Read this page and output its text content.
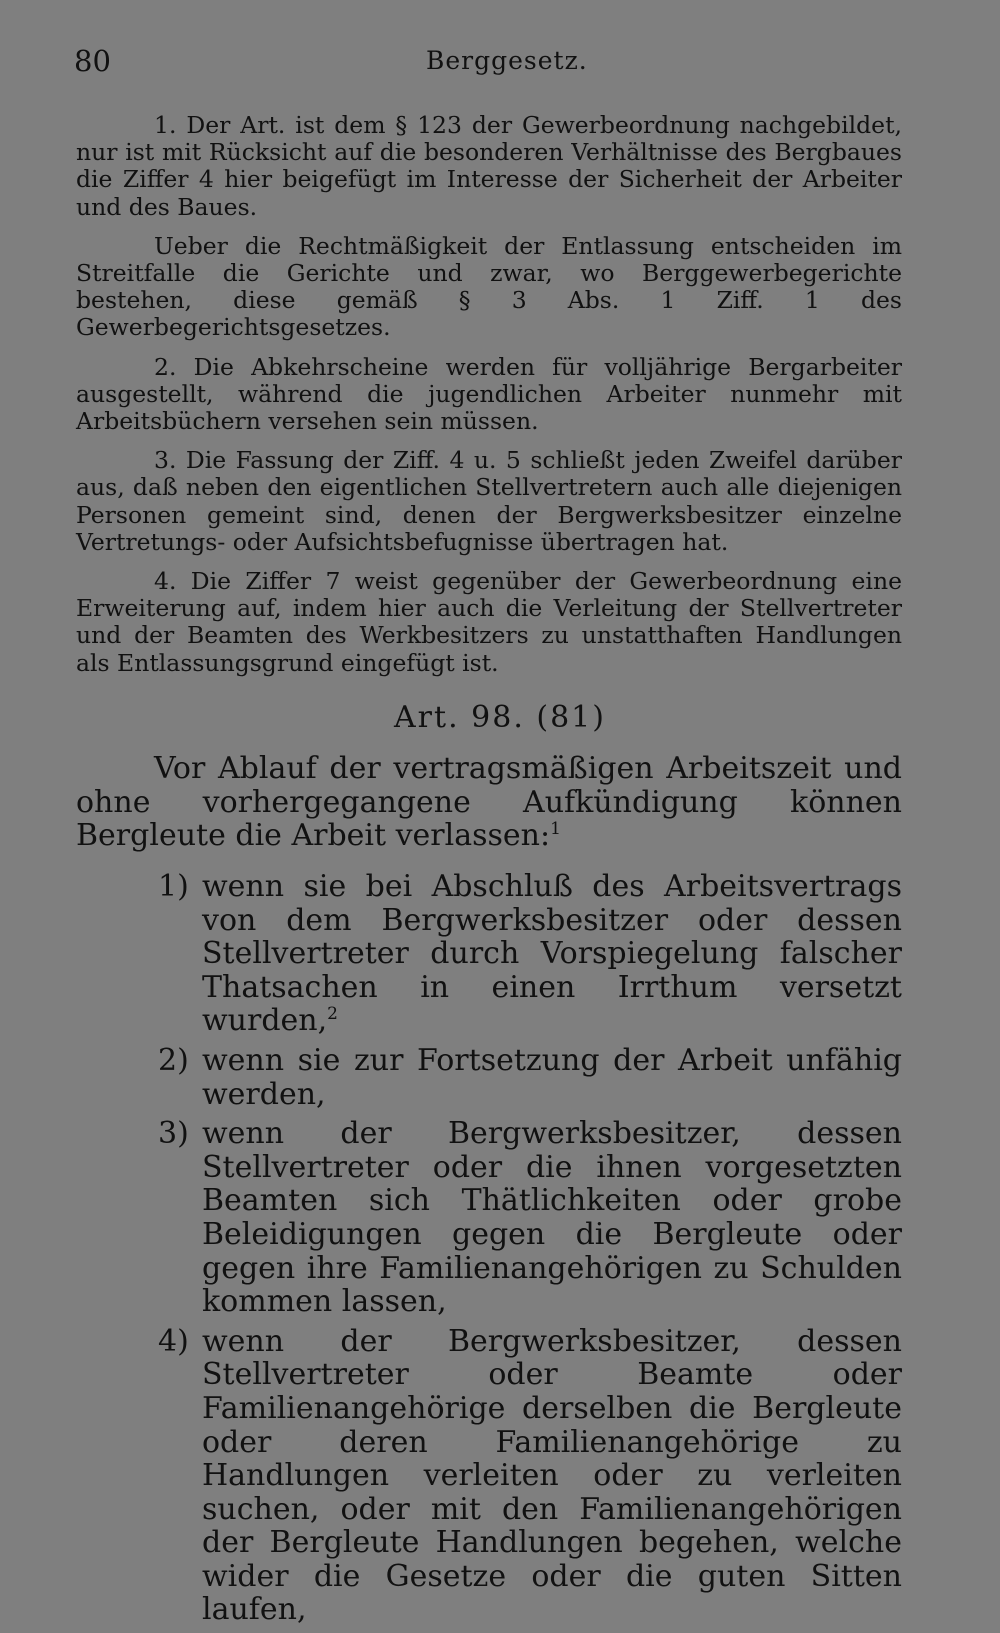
80	Berggesetz.

1. Der Art. ist dem § 123 der Gewerbeordnung nachgebildet, nur ist mit Rücksicht auf die besonderen Verhältnisse des Bergbaues die Ziffer 4 hier beigefügt im Interesse der Sicherheit der Arbeiter und des Baues.

Ueber die Rechtmäßigkeit der Entlassung entscheiden im Streitfalle die Gerichte und zwar, wo Berggewerbegerichte bestehen, diese gemäß § 3 Abs. 1 Ziff. 1 des Gewerbegerichtsgesetzes.

2. Die Abkehrscheine werden für volljährige Bergarbeiter ausgestellt, während die jugendlichen Arbeiter nunmehr mit Arbeitsbüchern versehen sein müssen.

3. Die Fassung der Ziff. 4 u. 5 schließt jeden Zweifel darüber aus, daß neben den eigentlichen Stellvertretern auch alle diejenigen Personen gemeint sind, denen der Bergwerksbesitzer einzelne Vertretungs- oder Aufsichtsbefugnisse übertragen hat.

4. Die Ziffer 7 weist gegenüber der Gewerbeordnung eine Erweiterung auf, indem hier auch die Verleitung der Stellvertreter und der Beamten des Werkbesitzers zu unstatthaften Handlungen als Entlassungsgrund eingefügt ist.

Art. 98. (81)
Vor Ablauf der vertragsmäßigen Arbeitszeit und ohne vorhergegangene Aufkündigung können Bergleute die Arbeit verlassen:$^1$
1) wenn sie bei Abschluß des Arbeitsvertrags von dem Bergwerksbesitzer oder dessen Stellvertreter durch Vorspiegelung falscher Thatsachen in einen Irrthum versetzt wurden,$^2$
2) wenn sie zur Fortsetzung der Arbeit unfähig werden,
3) wenn der Bergwerksbesitzer, dessen Stellvertreter oder die ihnen vorgesetzten Beamten sich Thätlichkeiten oder grobe Beleidigungen gegen die Bergleute oder gegen ihre Familienangehörigen zu Schulden kommen lassen,
4) wenn der Bergwerksbesitzer, dessen Stellvertreter oder Beamte oder Familienangehörige derselben die Bergleute oder deren Familienangehörige zu Handlungen verleiten oder zu verleiten suchen, oder mit den Familienangehörigen der Bergleute Handlungen begehen, welche wider die Gesetze oder die guten Sitten laufen,
